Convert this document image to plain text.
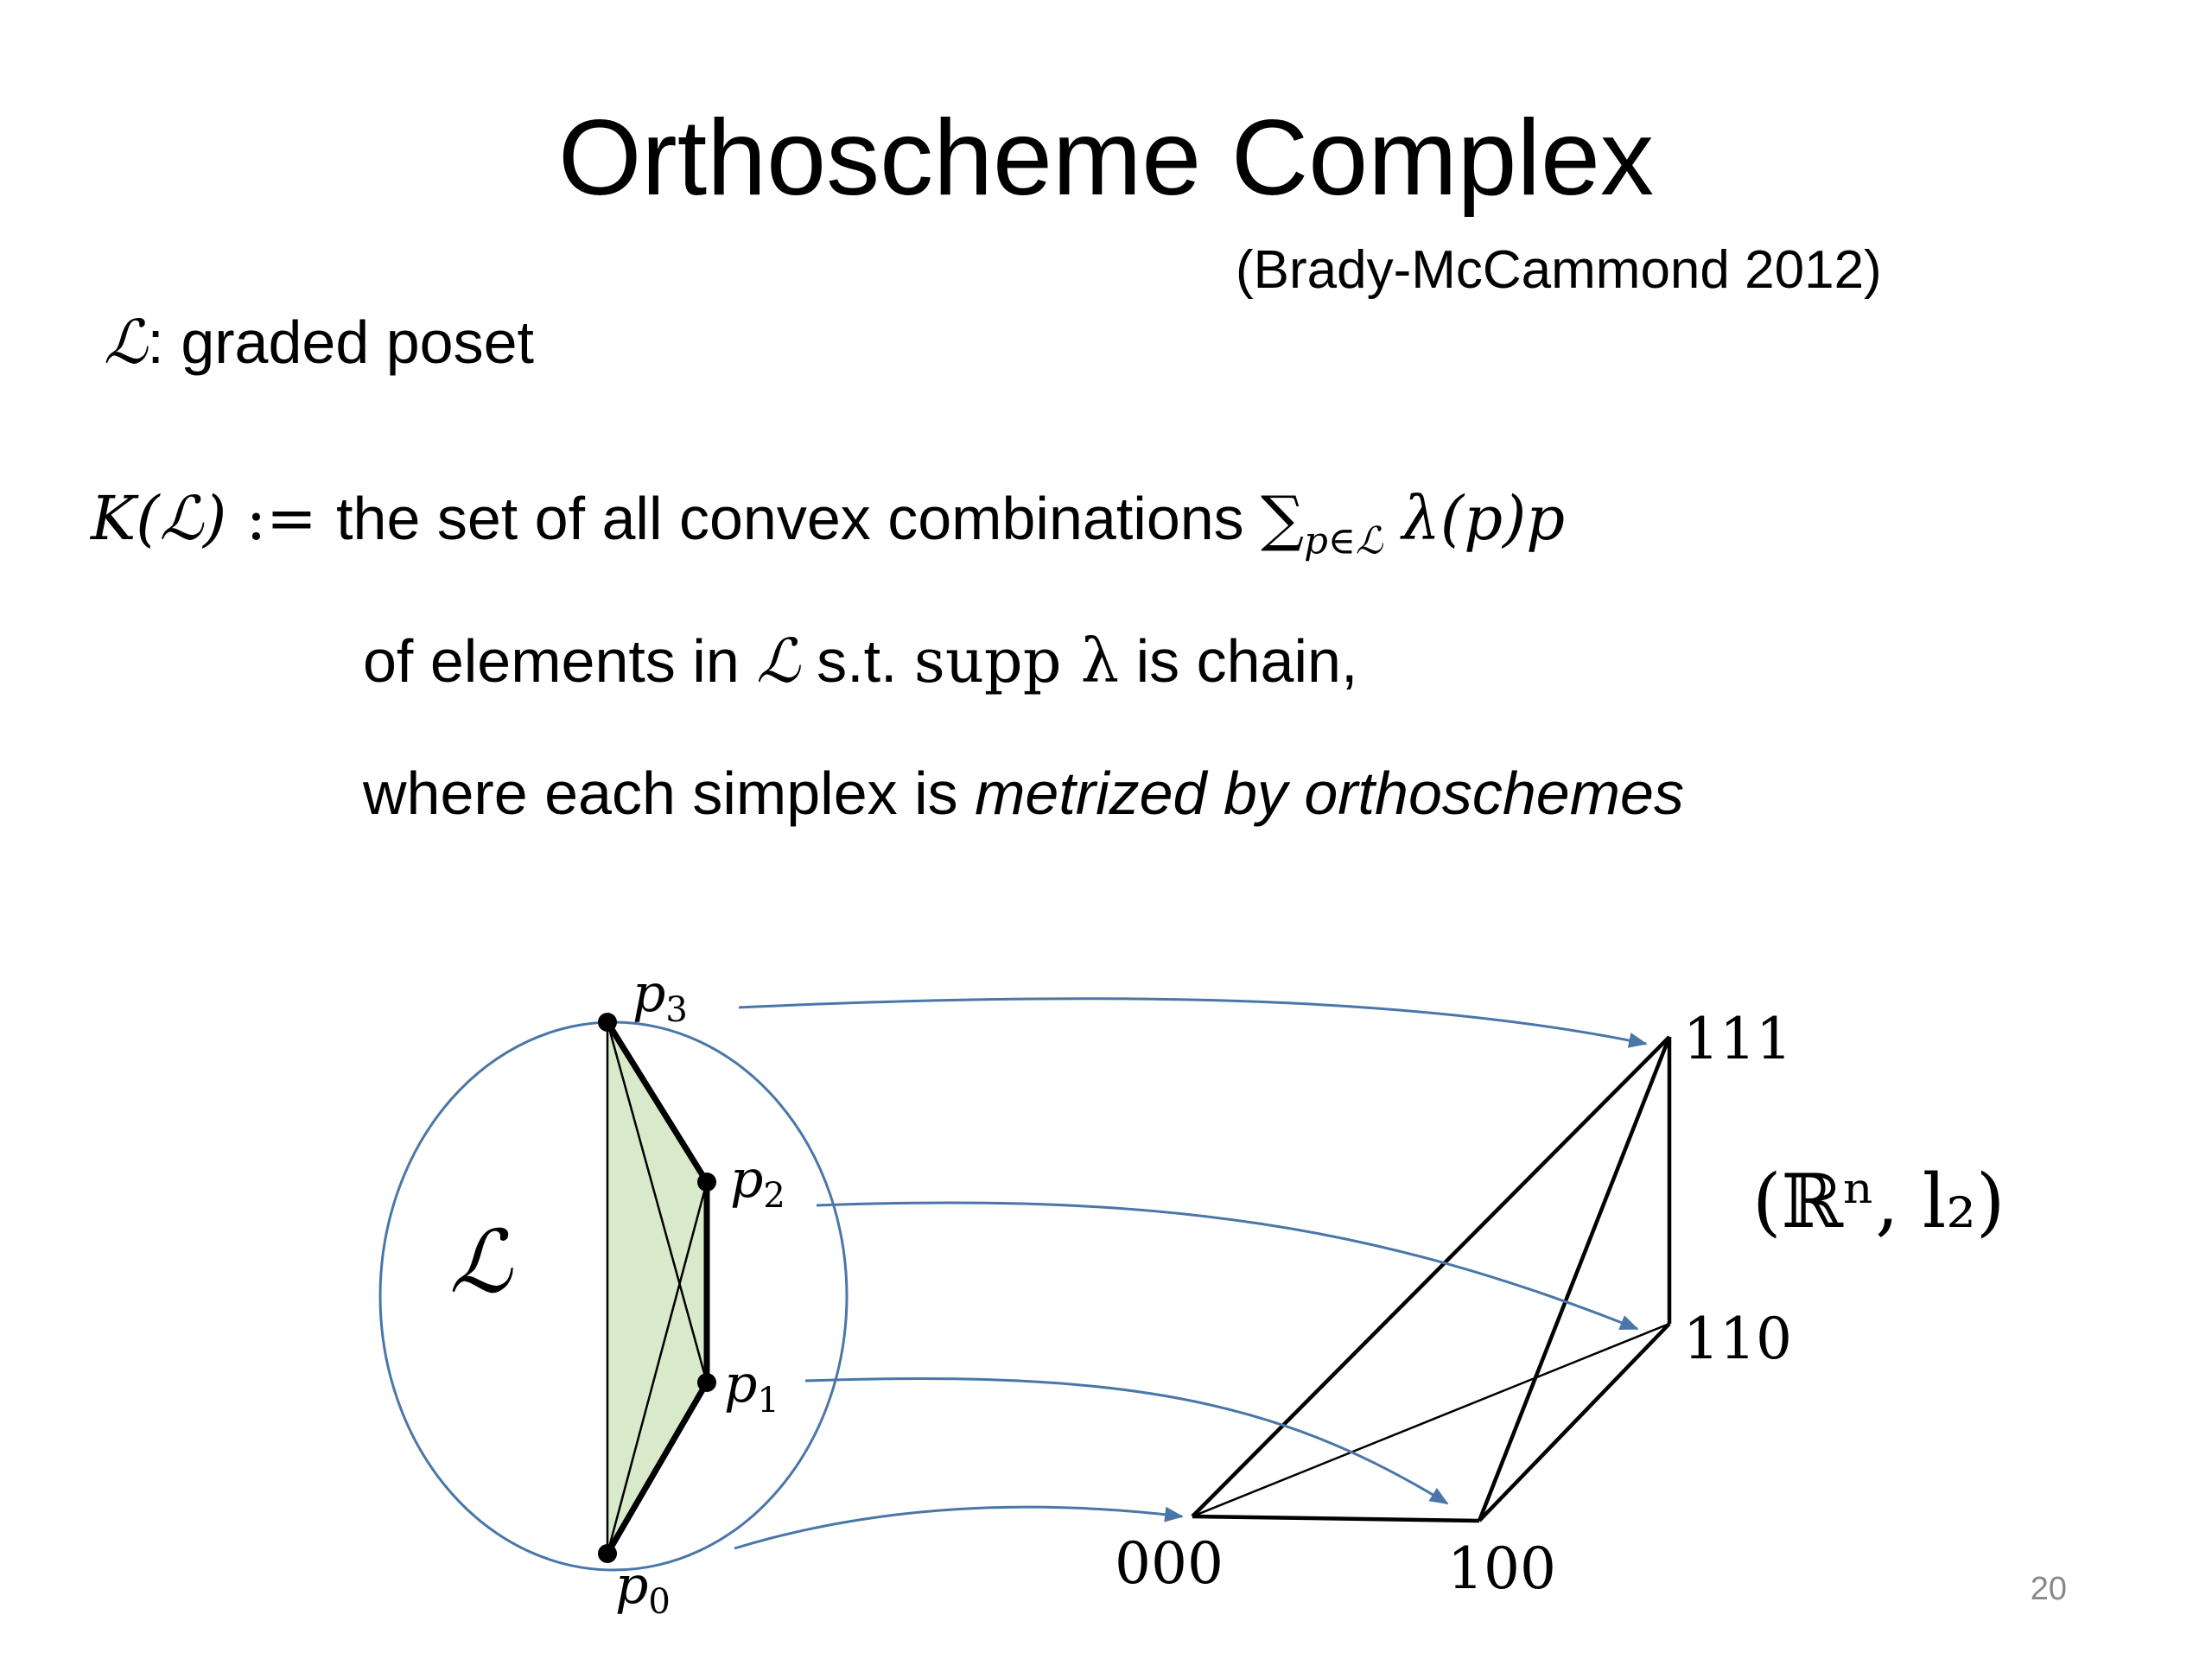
Orthoscheme Complex
(Brady-McCammond 2012)
ℒ: graded poset
K(ℒ) := the set of all convex combinations $\sum_{p\in ℒ}$ λ(p)p
of elements in ℒ s.t. supp λ is chain,
where each simplex is metrized by orthoschemes
ℒ
$p_3$
$p_2$
$p_1$
$p_0$
111
110
100
000
(ℝⁿ, l₂)
20
